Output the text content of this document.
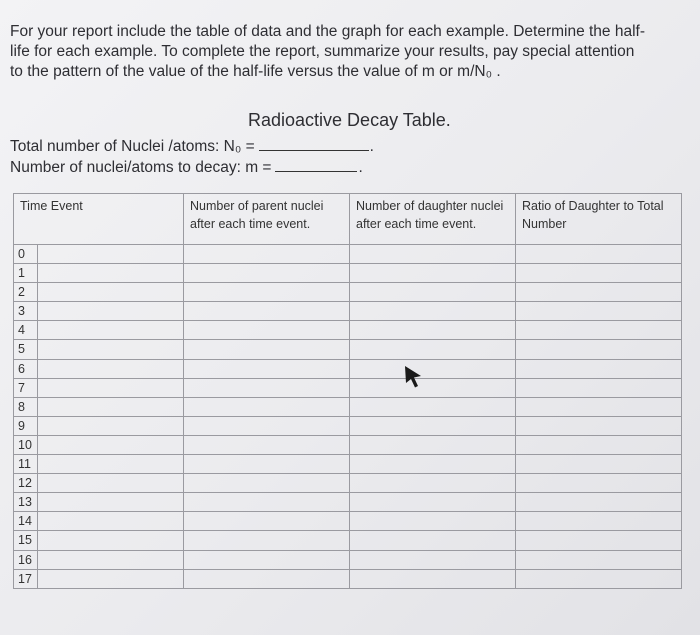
For your report include the table of data and the graph for each example. Determine the half-
life for each example. To complete the report, summarize your results, pay special attention
to the pattern of the value of the half-life versus the value of m or m/N₀ .

Radioactive Decay Table.
Total number of Nuclei /atoms: N₀ =	.
Number of nuclei/atoms to decay: m =	.
Time Event	Number of parent nuclei after each time event.	Number of daughter nuclei after each time event.	Ratio of Daughter to Total Number

0			

1			

2			

3			

4			

5			

6			

7			

8			

9			

10			

11			

12			

13			

14			

15			

16			

17			
